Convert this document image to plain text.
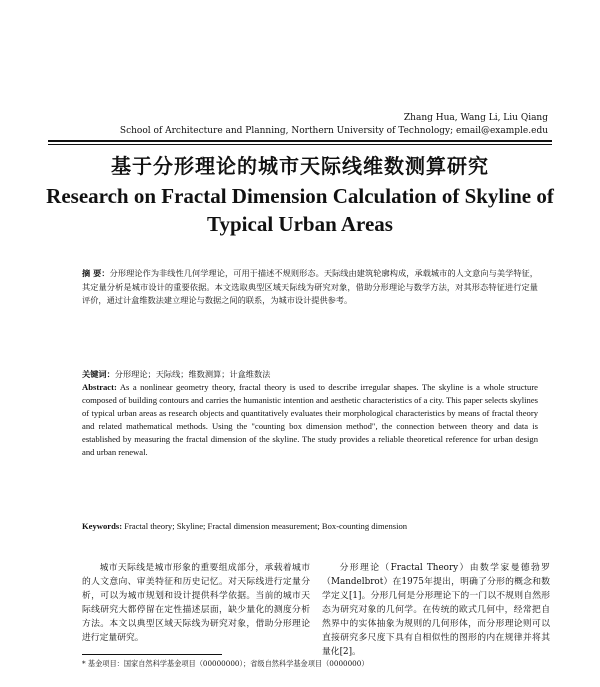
Zhang Hua, Wang Li, Liu Qiang
School of Architecture and Planning, Northern University of Technology; email@example.edu
基于分形理论的城市天际线维数测算研究
Research on Fractal Dimension Calculation of Skyline of Typical Urban Areas
摘 要：分形理论作为非线性几何学理论，可用于描述不规则形态。天际线由建筑轮廓构成，承载城市的人文意向与美学特征，其定量分析是城市设计的重要依据。本文选取典型区域天际线为研究对象，借助分形理论与数学方法，对其形态特征进行定量评价，通过计盒维数法建立理论与数据之间的联系，为城市设计提供参考。
关键词：分形理论；天际线；维数测算；计盒维数法
Abstract: As a nonlinear geometry theory, fractal theory is used to describe irregular shapes. The skyline is a whole structure composed of building contours and carries the humanistic intention and aesthetic characteristics of a city. This paper selects skylines of typical urban areas as research objects and quantitatively evaluates their morphological characteristics by means of fractal theory and related mathematical methods. Using the "counting box dimension method", the connection between theory and data is established by measuring the fractal dimension of the skyline. The study provides a reliable theoretical reference for urban design and urban renewal.
Keywords: Fractal theory; Skyline; Fractal dimension measurement; Box-counting dimension
城市天际线是城市形象的重要组成部分，承载着城市的人文意向、审美特征和历史记忆。对天际线进行定量分析，可以为城市规划和设计提供科学依据。当前的城市天际线研究大都停留在定性描述层面，缺少量化的测度分析方法。本文以典型区域天际线为研究对象，借助分形理论进行定量研究。
分形理论（Fractal Theory）由数学家曼德勃罗（Mandelbrot）在1975年提出，明确了分形的概念和数学定义[1]。分形几何是分形理论下的一门以不规则自然形态为研究对象的几何学。在传统的欧式几何中，经常把自然界中的实体抽象为规则的几何形体，而分形理论则可以直接研究多尺度下具有自相似性的图形的内在规律并将其量化[2]。
* 基金项目：国家自然科学基金项目（00000000）；省级自然科学基金项目（0000000）
